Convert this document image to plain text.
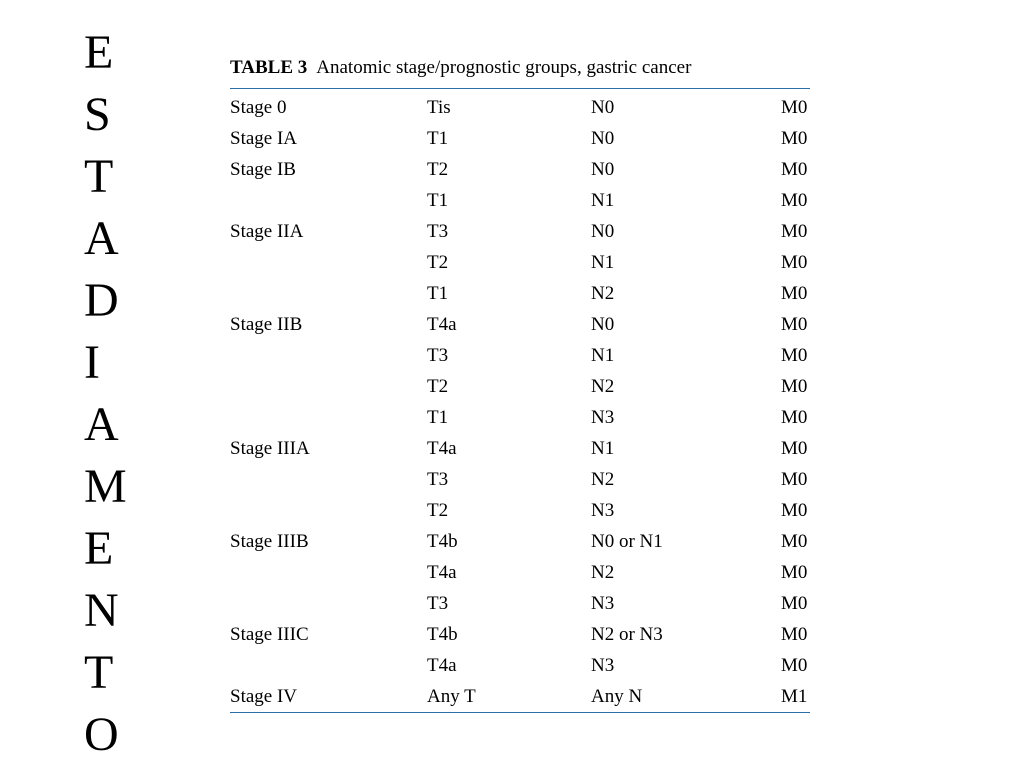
E
S
T
A
D
I
A
M
E
N
T
O
TABLE 3 Anatomic stage/prognostic groups, gastric cancer
Stage 0	Tis	N0	M0
Stage IA	T1	N0	M0
Stage IB	T2	N0	M0
	T1	N1	M0
Stage IIA	T3	N0	M0
	T2	N1	M0
	T1	N2	M0
Stage IIB	T4a	N0	M0
	T3	N1	M0
	T2	N2	M0
	T1	N3	M0
Stage IIIA	T4a	N1	M0
	T3	N2	M0
	T2	N3	M0
Stage IIIB	T4b	N0 or N1	M0
	T4a	N2	M0
	T3	N3	M0
Stage IIIC	T4b	N2 or N3	M0
	T4a	N3	M0
Stage IV	Any T	Any N	M1
